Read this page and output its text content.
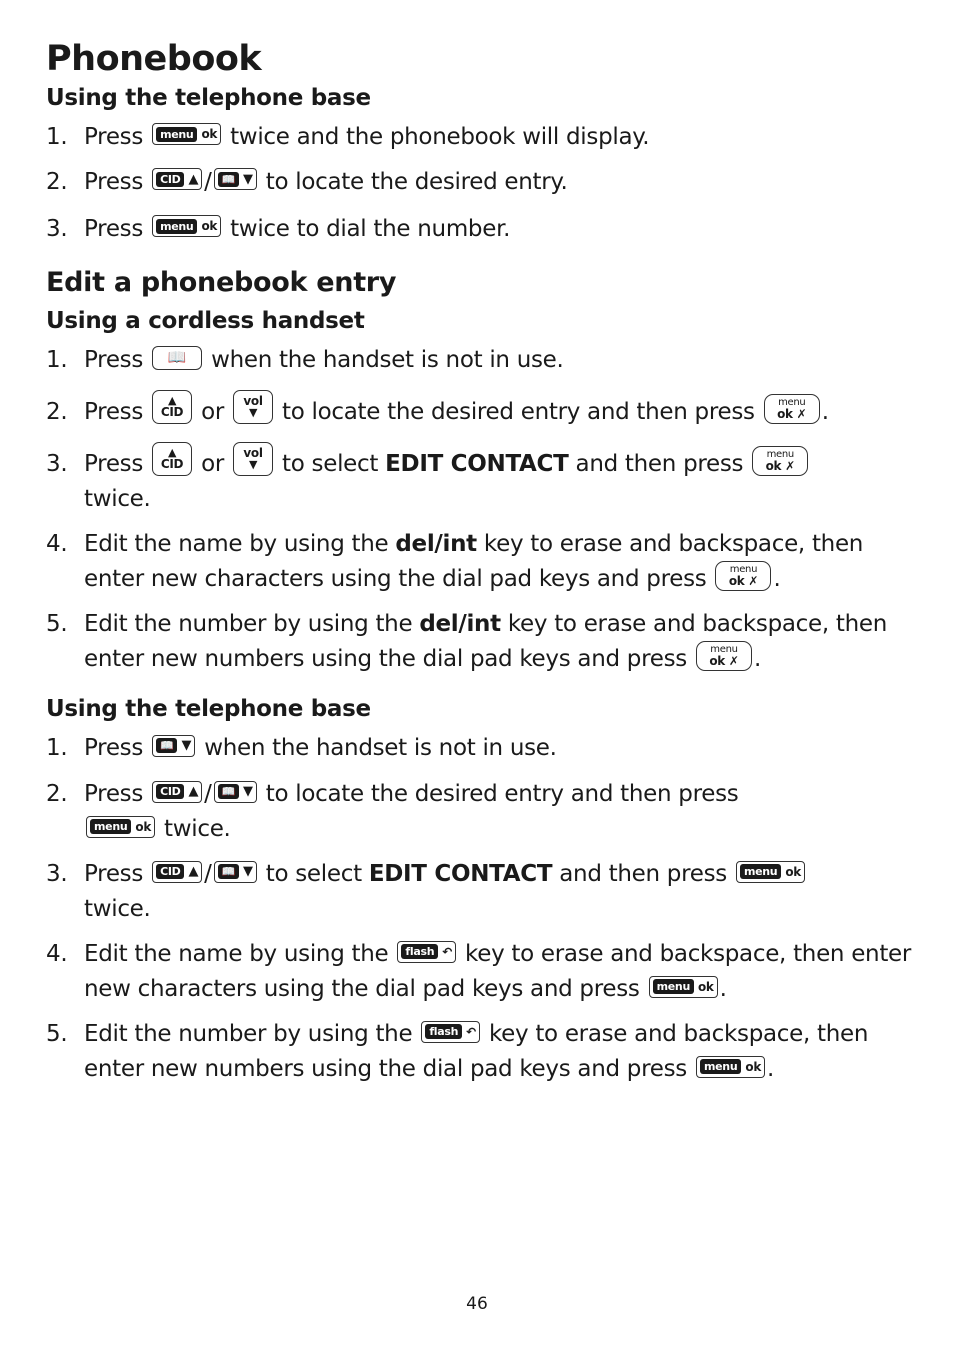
Phonebook
Using the telephone base
1. Press	menu ok twice and the phonebook will display.
2. Press	CID ▲ / 📖 ▼ to locate the desired entry.
3. Press	menu ok twice to dial the number.
Edit a phonebook entry
Using a cordless handset
1. Press 📖 when the handset is not in use.
2. Press ▲
CID or vol
▼ to locate the desired entry and then press menu
ok ✗ .
3. Press ▲
CID or vol
▼ to select EDIT CONTACT and then press menu
ok ✗

twice.
4. Edit the name by using the del/int key to erase and backspace, then enter new characters using the dial pad keys and press menu
ok ✗ .
5. Edit the number by using the del/int key to erase and backspace, then enter new numbers using the dial pad keys and press menu
ok ✗ .
Using the telephone base
1. Press	📖 ▼ when the handset is not in use.
2. Press	CID ▲ / 📖 ▼ to locate the desired entry and then press

menu ok twice.
3. Press	CID ▲ / 📖 ▼ to select EDIT CONTACT and then press	menu ok

twice.
4. Edit the name by using the	flash ↶ key to erase and backspace, then enter new characters using the dial pad keys and press	menu ok .
5. Edit the number by using the	flash ↶ key to erase and backspace, then enter new numbers using the dial pad keys and press	menu ok .
46
